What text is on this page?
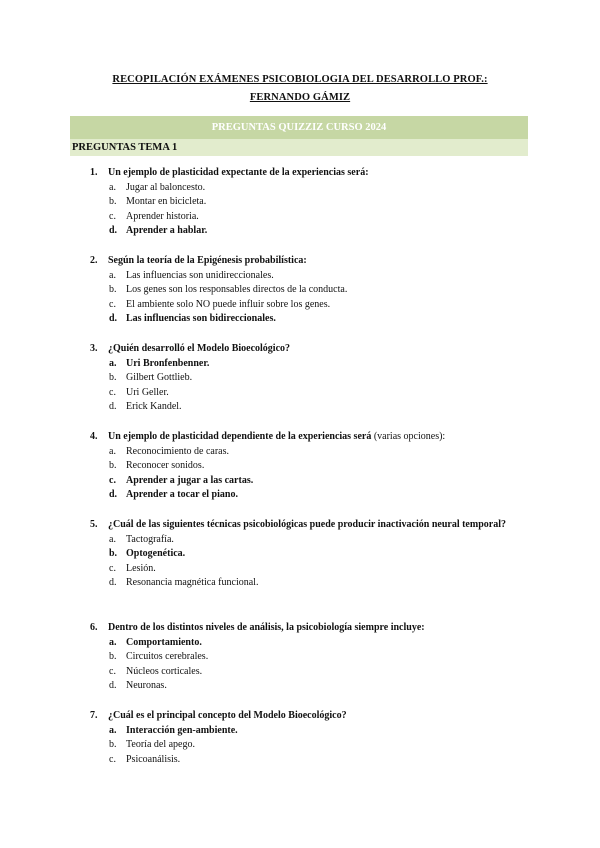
RECOPILACIÓN EXÁMENES PSICOBIOLOGIA DEL DESARROLLO PROF.:
FERNANDO GÁMIZ
PREGUNTAS QUIZZIZ CURSO 2024
PREGUNTAS TEMA 1
1. Un ejemplo de plasticidad expectante de la experiencias será:
a. Jugar al baloncesto.
b. Montar en bicicleta.
c. Aprender historia.
d. Aprender a hablar.
2. Según la teoría de la Epigénesis probabilística:
a. Las influencias son unidireccionales.
b. Los genes son los responsables directos de la conducta.
c. El ambiente solo NO puede influir sobre los genes.
d. Las influencias son bidireccionales.
3. ¿Quién desarrolló el Modelo Bioecológico?
a. Uri Bronfenbenner.
b. Gilbert Gottlieb.
c. Uri Geller.
d. Erick Kandel.
4. Un ejemplo de plasticidad dependiente de la experiencias será (varias opciones):
a. Reconocimiento de caras.
b. Reconocer sonidos.
c. Aprender a jugar a las cartas.
d. Aprender a tocar el piano.
5. ¿Cuál de las siguientes técnicas psicobiológicas puede producir inactivación neural temporal?
a. Tactografía.
b. Optogenética.
c. Lesión.
d. Resonancia magnética funcional.
6. Dentro de los distintos niveles de análisis, la psicobiología siempre incluye:
a. Comportamiento.
b. Circuitos cerebrales.
c. Núcleos corticales.
d. Neuronas.
7. ¿Cuál es el principal concepto del Modelo Bioecológico?
a. Interacción gen-ambiente.
b. Teoría del apego.
c. Psicoanálisis.
